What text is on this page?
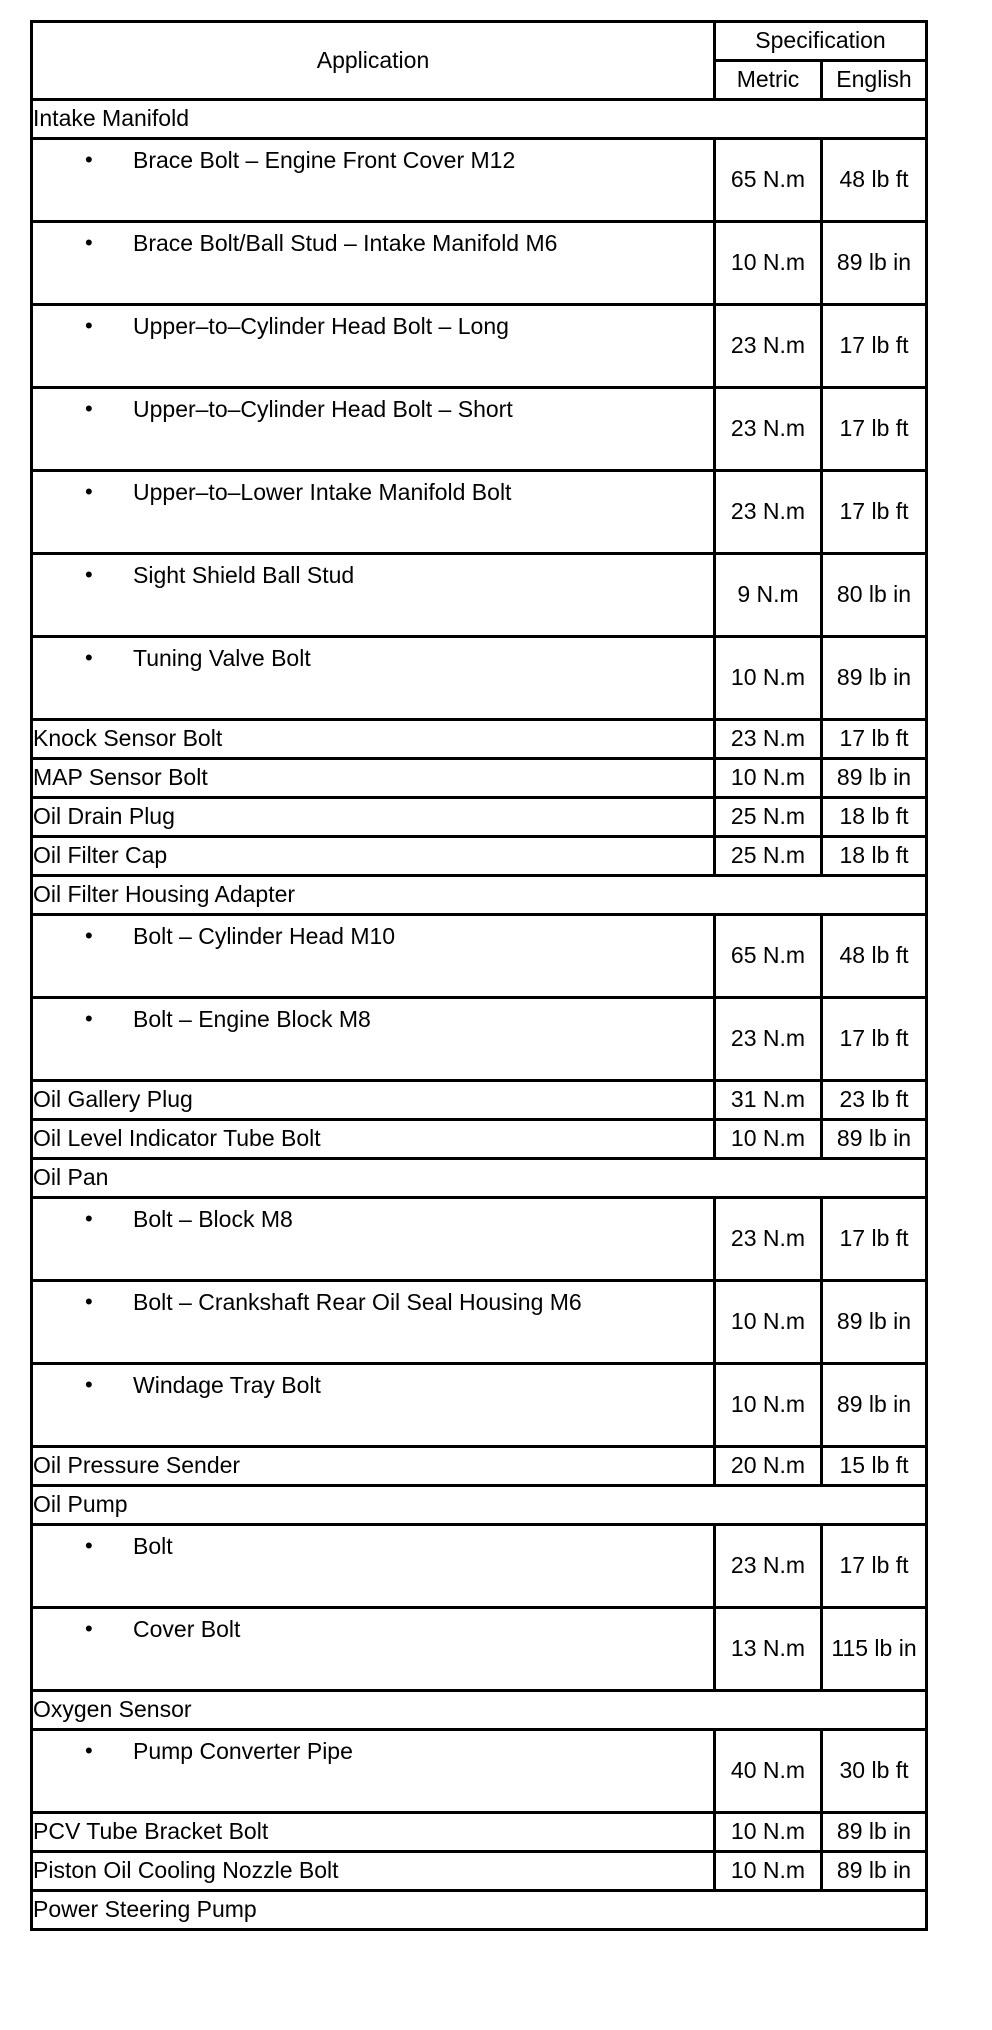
Application	Specification	
	Metric	English
Intake Manifold		

• Brace Bolt – Engine Front Cover M12	65 N.m	48 lb ft

• Brace Bolt/Ball Stud – Intake Manifold M6	10 N.m	89 lb in

• Upper–to–Cylinder Head Bolt – Long	23 N.m	17 lb ft

• Upper–to–Cylinder Head Bolt – Short	23 N.m	17 lb ft

• Upper–to–Lower Intake Manifold Bolt	23 N.m	17 lb ft

• Sight Shield Ball Stud	9 N.m	80 lb in

• Tuning Valve Bolt	10 N.m	89 lb in
Knock Sensor Bolt	23 N.m	17 lb ft
MAP Sensor Bolt	10 N.m	89 lb in
Oil Drain Plug	25 N.m	18 lb ft
Oil Filter Cap	25 N.m	18 lb ft
Oil Filter Housing Adapter		

• Bolt – Cylinder Head M10	65 N.m	48 lb ft

• Bolt – Engine Block M8	23 N.m	17 lb ft
Oil Gallery Plug	31 N.m	23 lb ft
Oil Level Indicator Tube Bolt	10 N.m	89 lb in
Oil Pan		

• Bolt – Block M8	23 N.m	17 lb ft

• Bolt – Crankshaft Rear Oil Seal Housing M6	10 N.m	89 lb in

• Windage Tray Bolt	10 N.m	89 lb in
Oil Pressure Sender	20 N.m	15 lb ft
Oil Pump		

• Bolt	23 N.m	17 lb ft

• Cover Bolt	13 N.m	115 lb in
Oxygen Sensor		

• Pump Converter Pipe	40 N.m	30 lb ft
PCV Tube Bracket Bolt	10 N.m	89 lb in
Piston Oil Cooling Nozzle Bolt	10 N.m	89 lb in
Power Steering Pump		
